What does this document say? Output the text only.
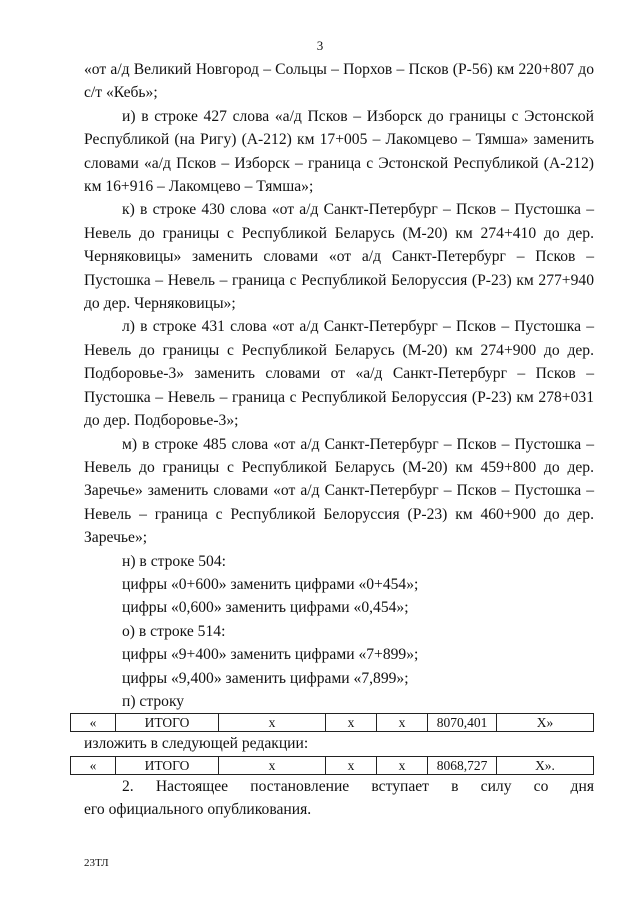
3

«от а/д Великий Новгород – Сольцы – Порхов – Псков (Р-56) км 220+807 до с/т «Кебь»;

и) в строке 427 слова «а/д Псков – Изборск до границы с Эстонской Республикой (на Ригу) (А-212) км 17+005 – Лакомцево – Тямша» заменить словами «а/д Псков – Изборск – граница с Эстонской Республикой (А-212) км 16+916 – Лакомцево – Тямша»;

к) в строке 430 слова «от а/д Санкт-Петербург – Псков – Пустошка – Невель до границы с Республикой Беларусь (М-20) км 274+410 до дер. Черняковицы» заменить словами «от а/д Санкт-Петербург – Псков – Пустошка – Невель – граница с Республикой Белоруссия (Р-23) км 277+940 до дер. Черняковицы»;

л) в строке 431 слова «от а/д Санкт-Петербург – Псков – Пустошка – Невель до границы с Республикой Беларусь (М-20) км 274+900 до дер. Подборовье-3» заменить словами от «а/д Санкт-Петербург – Псков – Пустошка – Невель – граница с Республикой Белоруссия (Р-23) км 278+031 до дер. Подборовье-3»;

м) в строке 485 слова «от а/д Санкт-Петербург – Псков – Пустошка – Невель до границы с Республикой Беларусь (М-20) км 459+800 до дер. Заречье» заменить словами «от а/д Санкт-Петербург – Псков – Пустошка – Невель – граница с Республикой Белоруссия (Р-23) км 460+900 до дер. Заречье»;

н) в строке 504:

цифры «0+600» заменить цифрами «0+454»;

цифры «0,600» заменить цифрами «0,454»;

о) в строке 514:

цифры «9+400» заменить цифрами «7+899»;

цифры «9,400» заменить цифрами «7,899»;

п) строку

«	ИТОГО	х	х	х	8070,401	Х»

изложить в следующей редакции:

«	ИТОГО	х	х	х	8068,727	Х».

2. Настоящее постановление вступает в силу со дня

его официального опубликования.

23ТЛ
